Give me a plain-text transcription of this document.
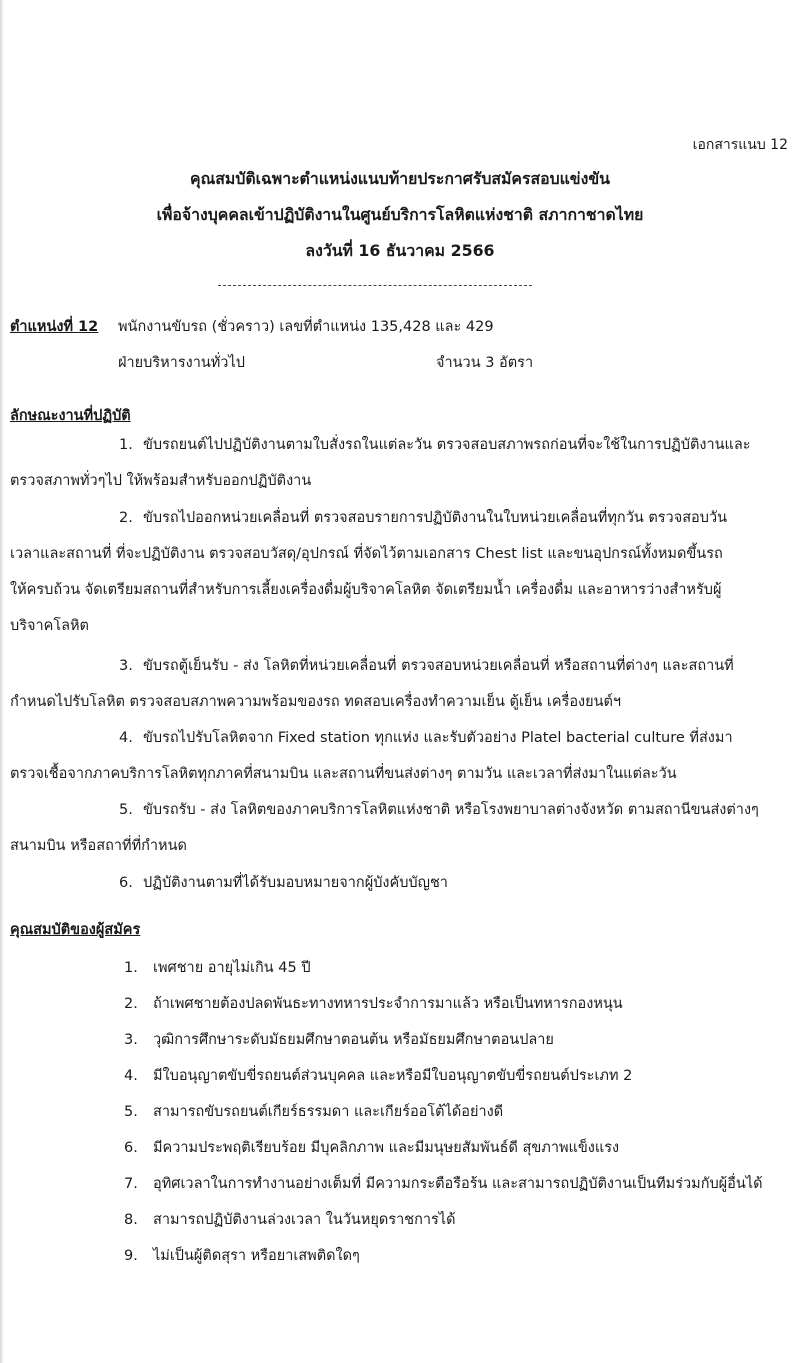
เอกสารแนบ 12
คุณสมบัติเฉพาะตำแหน่งแนบท้ายประกาศรับสมัครสอบแข่งขัน
เพื่อจ้างบุคคลเข้าปฏิบัติงานในศูนย์บริการโลหิตแห่งชาติ สภากาชาดไทย
ลงวันที่ 16 ธันวาคม 2566
ตำแหน่งที่ 12 พนักงานขับรถ (ชั่วคราว) เลขที่ตำแหน่ง 135,428 และ 429
ฝ่ายบริหารงานทั่วไป	จำนวน 3 อัตรา
ลักษณะงานที่ปฏิบัติ
1. ขับรถยนต์ไปปฏิบัติงานตามใบสั่งรถในแต่ละวัน ตรวจสอบสภาพรถก่อนที่จะใช้ในการปฏิบัติงานและ
ตรวจสภาพทั่วๆไป ให้พร้อมสำหรับออกปฏิบัติงาน
2. ขับรถไปออกหน่วยเคลื่อนที่ ตรวจสอบรายการปฏิบัติงานในใบหน่วยเคลื่อนที่ทุกวัน ตรวจสอบวัน
เวลาและสถานที่ ที่จะปฏิบัติงาน ตรวจสอบวัสดุ/อุปกรณ์ ที่จัดไว้ตามเอกสาร Chest list และขนอุปกรณ์ทั้งหมดขึ้นรถ
ให้ครบถ้วน จัดเตรียมสถานที่สำหรับการเลี้ยงเครื่องดื่มผู้บริจาคโลหิต จัดเตรียมน้ำ เครื่องดื่ม และอาหารว่างสำหรับผู้
บริจาคโลหิต
3. ขับรถตู้เย็นรับ - ส่ง โลหิตที่หน่วยเคลื่อนที่ ตรวจสอบหน่วยเคลื่อนที่ หรือสถานที่ต่างๆ และสถานที่
กำหนดไปรับโลหิต ตรวจสอบสภาพความพร้อมของรถ ทดสอบเครื่องทำความเย็น ตู้เย็น เครื่องยนต์ฯ
4. ขับรถไปรับโลหิตจาก Fixed station ทุกแห่ง และรับตัวอย่าง Platel bacterial culture ที่ส่งมา
ตรวจเชื้อจากภาคบริการโลหิตทุกภาคที่สนามบิน และสถานที่ขนส่งต่างๆ ตามวัน และเวลาที่ส่งมาในแต่ละวัน
5. ขับรถรับ - ส่ง โลหิตของภาคบริการโลหิตแห่งชาติ หรือโรงพยาบาลต่างจังหวัด ตามสถานีขนส่งต่างๆ
สนามบิน หรือสถาที่ที่กำหนด
6. ปฏิบัติงานตามที่ได้รับมอบหมายจากผู้บังคับบัญชา
คุณสมบัติของผู้สมัคร
1. เพศชาย อายุไม่เกิน 45 ปี
2. ถ้าเพศชายต้องปลดพันธะทางทหารประจำการมาแล้ว หรือเป็นทหารกองหนุน
3. วุฒิการศึกษาระดับมัธยมศึกษาตอนต้น หรือมัธยมศึกษาตอนปลาย
4. มีใบอนุญาตขับขี่รถยนต์ส่วนบุคคล และหรือมีใบอนุญาตขับขี่รถยนต์ประเภท 2
5. สามารถขับรถยนต์เกียร์ธรรมดา และเกียร์ออโต้ได้อย่างดี
6. มีความประพฤติเรียบร้อย มีบุคลิกภาพ และมีมนุษยสัมพันธ์ดี สุขภาพแข็งแรง
7. อุทิศเวลาในการทำงานอย่างเต็มที่ มีความกระตือรือร้น และสามารถปฏิบัติงานเป็นทีมร่วมกับผู้อื่นได้
8. สามารถปฏิบัติงานล่วงเวลา ในวันหยุดราชการได้
9. ไม่เป็นผู้ติดสุรา หรือยาเสพติดใดๆ
